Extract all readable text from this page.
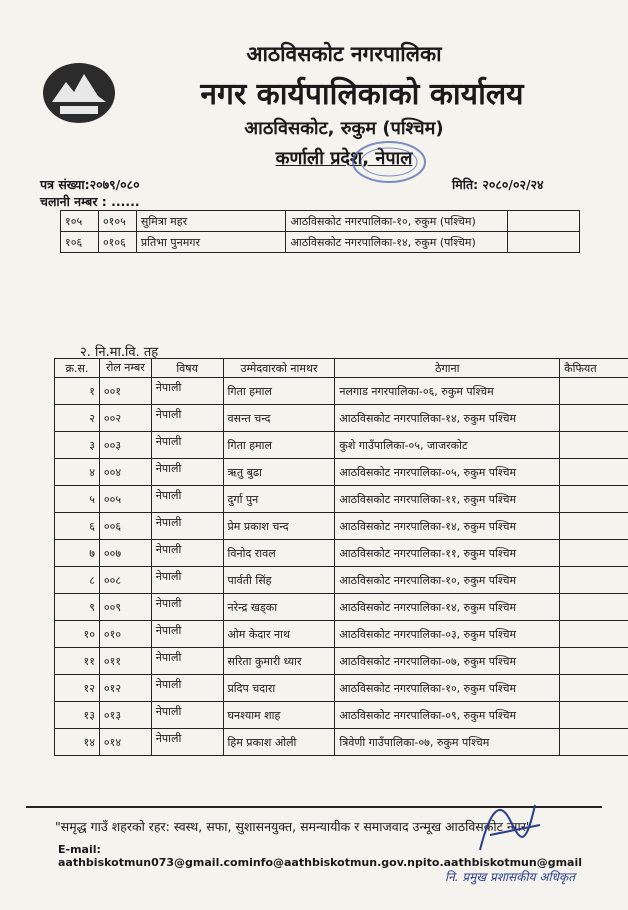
आठविसकोट नगरपालिका
नगर कार्यपालिकाको कार्यालय
आठविसकोट, रुकुम (पश्चिम)
कर्णाली प्रदेश, नेपाल
पत्र संख्या:२०७९/०८०
चलानी नम्बर : ......
मिति: २०८०/०२/२४
१०५	०१०५	सुमित्रा महर	आठविसकोट नगरपालिका-१०, रुकुम (पश्चिम)	
१०६	०१०६	प्रतिभा पुनमगर	आठविसकोट नगरपालिका-१४, रुकुम (पश्चिम)	
२. नि.मा.वि. तह
क्र.स.	रोल नम्बर	विषय	उम्मेदवारको नामथर	ठेगाना	कैफियत
१	००१	नेपाली	गिता हमाल	नलगाड नगरपालिका-०६, रुकुम पश्चिम	
२	००२	नेपाली	वसन्त चन्द	आठविसकोट नगरपालिका-१४, रुकुम पश्चिम	
३	००३	नेपाली	गिता हमाल	कुशे गाउँपालिका-०५, जाजरकोट	
४	००४	नेपाली	ऋतु बुढा	आठविसकोट नगरपालिका-०५, रुकुम पश्चिम	
५	००५	नेपाली	दुर्गा पुन	आठविसकोट नगरपालिका-११, रुकुम पश्चिम	
६	००६	नेपाली	प्रेम प्रकाश चन्द	आठविसकोट नगरपालिका-१४, रुकुम पश्चिम	
७	००७	नेपाली	विनोद रावल	आठविसकोट नगरपालिका-११, रुकुम पश्चिम	
८	००८	नेपाली	पार्वती सिंह	आठविसकोट नगरपालिका-१०, रुकुम पश्चिम	
९	००९	नेपाली	नरेन्द्र खड्का	आठविसकोट नगरपालिका-१४, रुकुम पश्चिम	
१०	०१०	नेपाली	ओम केदार नाथ	आठविसकोट नगरपालिका-०३, रुकुम पश्चिम	
११	०११	नेपाली	सरिता कुमारी ध्यार	आठविसकोट नगरपालिका-०७, रुकुम पश्चिम	
१२	०१२	नेपाली	प्रदिप चदारा	आठविसकोट नगरपालिका-१०, रुकुम पश्चिम	
१३	०१३	नेपाली	घनश्याम शाह	आठविसकोट नगरपालिका-०९, रुकुम पश्चिम	
१४	०१४	नेपाली	हिम प्रकाश ओली	त्रिवेणी गाउँपालिका-०७, रुकुम पश्चिम	
"समृद्ध गाउँ शहरको रहर: स्वस्थ, सफा, सुशासनयुक्त, समन्यायीक र समाजवाद उन्मूख आठविसकोट नगर"
E-mail: aathbiskotmun073@gmail.cominfo@aathbiskotmun.gov.npito.aathbiskotmun@gmail
नि. प्रमुख प्रशासकीय अधिकृत
